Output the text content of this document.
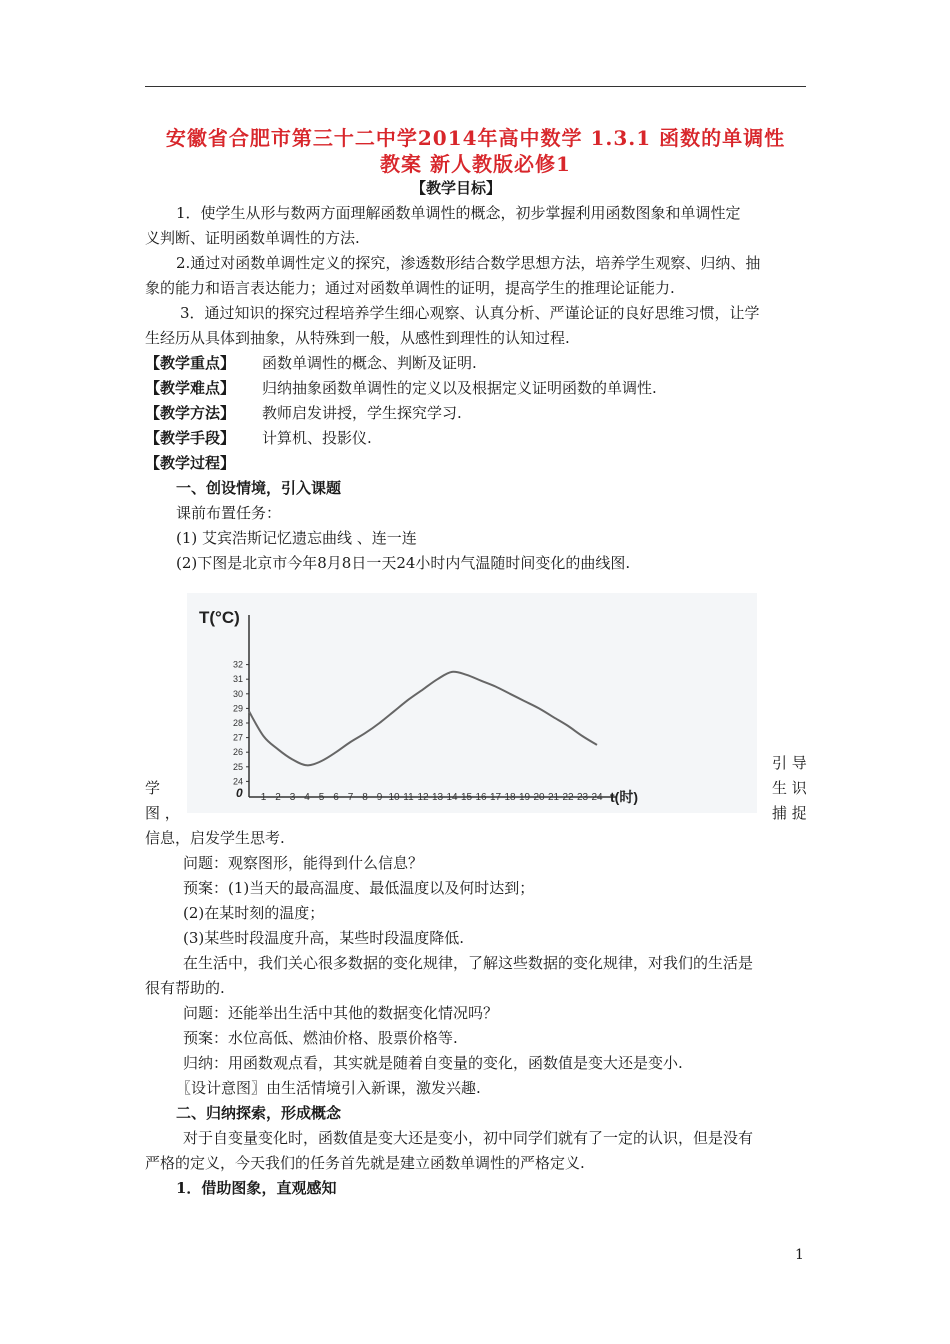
安徽省合肥市第三十二中学2014年高中数学 1.3.1 函数的单调性
教案 新人教版必修1
【教学目标】
1．使学生从形与数两方面理解函数单调性的概念，初步掌握利用函数图象和单调性定
义判断、证明函数单调性的方法.
2.通过对函数单调性定义的探究，渗透数形结合数学思想方法，培养学生观察、归纳、抽
象的能力和语言表达能力；通过对函数单调性的证明，提高学生的推理论证能力.
3．通过知识的探究过程培养学生细心观察、认真分析、严谨论证的良好思维习惯，让学
生经历从具体到抽象，从特殊到一般，从感性到理性的认知过程.
【教学重点】 函数单调性的概念、判断及证明.
【教学难点】 归纳抽象函数单调性的定义以及根据定义证明函数的单调性.
【教学方法】 教师启发讲授，学生探究学习.
【教学手段】 计算机、投影仪.
【教学过程】
一、创设情境，引入课题
课前布置任务：
(1) 艾宾浩斯记忆遗忘曲线 、连一连
(2)下图是北京市今年8月8日一天24小时内气温随时间变化的曲线图.
T(°C)
t(时)
0 1 2 3 4 5 6 7 8 9 10 11 12 13 14 15 16 17 18 19 20 21 22 23 24
24
25
26
27
28
29
30
31
32
学
图 ，
引 导
生 识
捕 捉
信息，启发学生思考.
问题：观察图形，能得到什么信息？
预案：(1)当天的最高温度、最低温度以及何时达到；
(2)在某时刻的温度；
(3)某些时段温度升高，某些时段温度降低.
在生活中，我们关心很多数据的变化规律，了解这些数据的变化规律，对我们的生活是
很有帮助的.
问题：还能举出生活中其他的数据变化情况吗？
预案：水位高低、燃油价格、股票价格等.
归纳：用函数观点看，其实就是随着自变量的变化，函数值是变大还是变小.
〖设计意图〗由生活情境引入新课，激发兴趣.
二、归纳探索，形成概念
对于自变量变化时，函数值是变大还是变小，初中同学们就有了一定的认识，但是没有
严格的定义，今天我们的任务首先就是建立函数单调性的严格定义.
1．借助图象，直观感知
1
